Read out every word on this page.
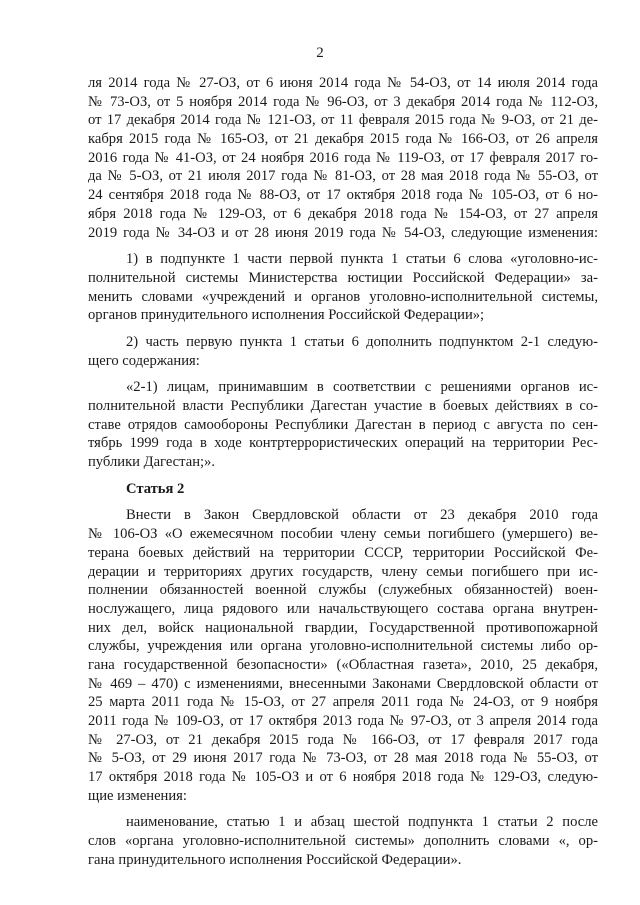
2
ля 2014 года № 27-ОЗ, от 6 июня 2014 года № 54-ОЗ, от 14 июля 2014 года
№ 73-ОЗ, от 5 ноября 2014 года № 96-ОЗ, от 3 декабря 2014 года № 112-ОЗ,
от 17 декабря 2014 года № 121-ОЗ, от 11 февраля 2015 года № 9-ОЗ, от 21 де-
кабря 2015 года № 165-ОЗ, от 21 декабря 2015 года № 166-ОЗ, от 26 апреля
2016 года № 41-ОЗ, от 24 ноября 2016 года № 119-ОЗ, от 17 февраля 2017 го-
да № 5-ОЗ, от 21 июля 2017 года № 81-ОЗ, от 28 мая 2018 года № 55-ОЗ, от
24 сентября 2018 года № 88-ОЗ, от 17 октября 2018 года № 105-ОЗ, от 6 но-
ября 2018 года № 129-ОЗ, от 6 декабря 2018 года № 154-ОЗ, от 27 апреля
2019 года № 34-ОЗ и от 28 июня 2019 года № 54-ОЗ, следующие изменения:
1) в подпункте 1 части первой пункта 1 статьи 6 слова «уголовно-ис-
полнительной системы Министерства юстиции Российской Федерации» за-
менить словами «учреждений и органов уголовно-исполнительной системы,
органов принудительного исполнения Российской Федерации»;
2) часть первую пункта 1 статьи 6 дополнить подпунктом 2-1 следую-
щего содержания:
«2-1) лицам, принимавшим в соответствии с решениями органов ис-
полнительной власти Республики Дагестан участие в боевых действиях в со-
ставе отрядов самообороны Республики Дагестан в период с августа по сен-
тябрь 1999 года в ходе контртеррористических операций на территории Рес-
публики Дагестан;».
Статья 2
Внести в Закон Свердловской области от 23 декабря 2010 года
№ 106-ОЗ «О ежемесячном пособии члену семьи погибшего (умершего) ве-
терана боевых действий на территории СССР, территории Российской Фе-
дерации и территориях других государств, члену семьи погибшего при ис-
полнении обязанностей военной службы (служебных обязанностей) воен-
нослужащего, лица рядового или начальствующего состава органа внутрен-
них дел, войск национальной гвардии, Государственной противопожарной
службы, учреждения или органа уголовно-исполнительной системы либо ор-
гана государственной безопасности» («Областная газета», 2010, 25 декабря,
№ 469 – 470) с изменениями, внесенными Законами Свердловской области от
25 марта 2011 года № 15-ОЗ, от 27 апреля 2011 года № 24-ОЗ, от 9 ноября
2011 года № 109-ОЗ, от 17 октября 2013 года № 97-ОЗ, от 3 апреля 2014 года
№ 27-ОЗ, от 21 декабря 2015 года № 166-ОЗ, от 17 февраля 2017 года
№ 5-ОЗ, от 29 июня 2017 года № 73-ОЗ, от 28 мая 2018 года № 55-ОЗ, от
17 октября 2018 года № 105-ОЗ и от 6 ноября 2018 года № 129-ОЗ, следую-
щие изменения:
наименование, статью 1 и абзац шестой подпункта 1 статьи 2 после
слов «органа уголовно-исполнительной системы» дополнить словами «, ор-
гана принудительного исполнения Российской Федерации».
